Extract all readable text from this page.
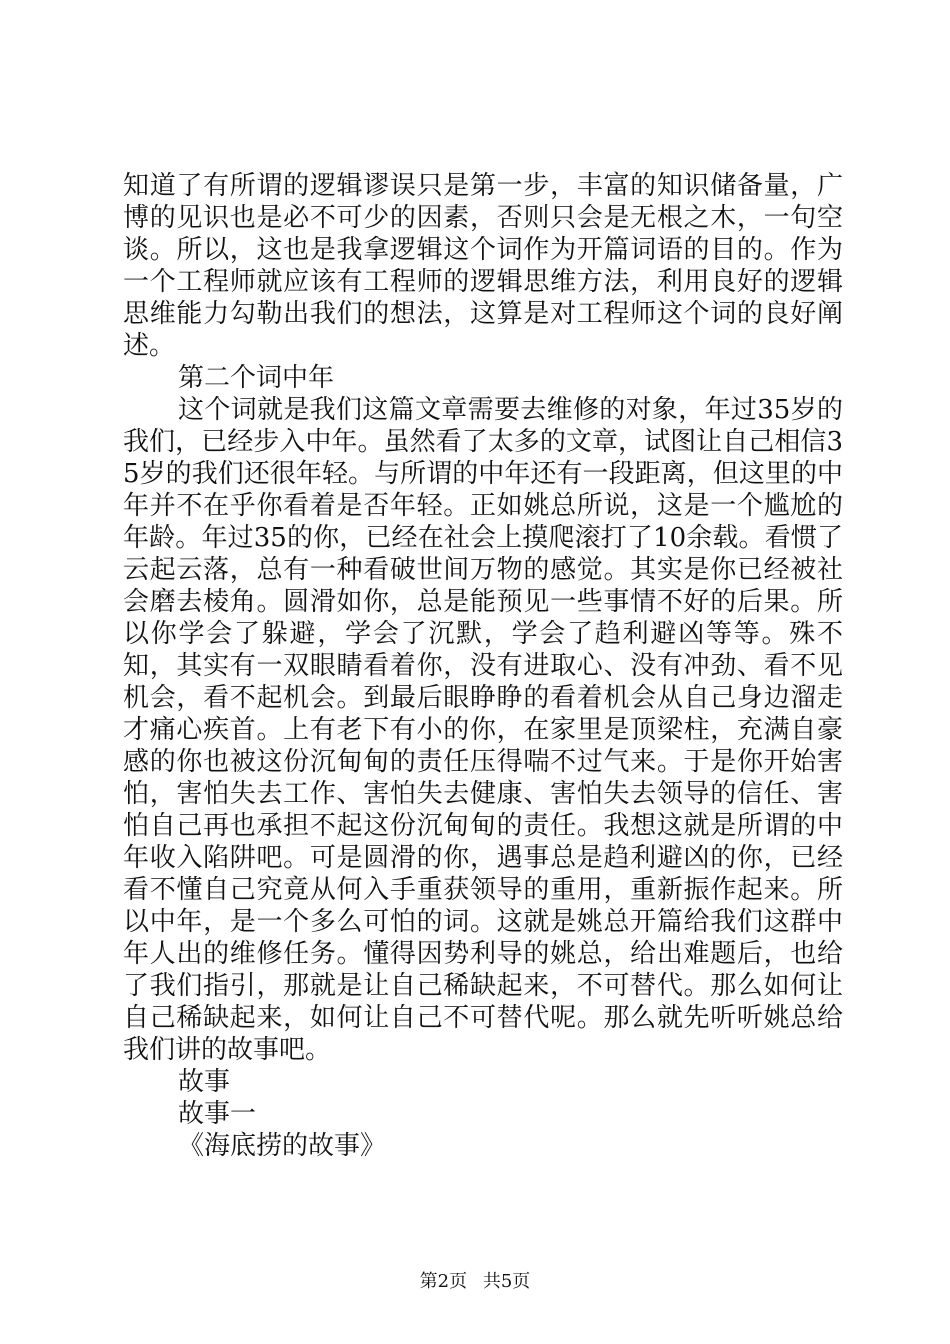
知道了有所谓的逻辑谬误只是第一步，丰富的知识储备量，广博的见识也是必不可少的因素，否则只会是无根之木，一句空谈。所以，这也是我拿逻辑这个词作为开篇词语的目的。作为一个工程师就应该有工程师的逻辑思维方法，利用良好的逻辑思维能力勾勒出我们的想法，这算是对工程师这个词的良好阐述。

第二个词中年

这个词就是我们这篇文章需要去维修的对象，年过35岁的我们，已经步入中年。虽然看了太多的文章，试图让自己相信35岁的我们还很年轻。与所谓的中年还有一段距离，但这里的中年并不在乎你看着是否年轻。正如姚总所说，这是一个尴尬的年龄。年过35的你，已经在社会上摸爬滚打了10余载。看惯了云起云落，总有一种看破世间万物的感觉。其实是你已经被社会磨去棱角。圆滑如你，总是能预见一些事情不好的后果。所以你学会了躲避，学会了沉默，学会了趋利避凶等等。殊不知，其实有一双眼睛看着你，没有进取心、没有冲劲、看不见机会，看不起机会。到最后眼睁睁的看着机会从自己身边溜走才痛心疾首。上有老下有小的你，在家里是顶梁柱，充满自豪感的你也被这份沉甸甸的责任压得喘不过气来。于是你开始害怕，害怕失去工作、害怕失去健康、害怕失去领导的信任、害怕自己再也承担不起这份沉甸甸的责任。我想这就是所谓的中年收入陷阱吧。可是圆滑的你，遇事总是趋利避凶的你，已经看不懂自己究竟从何入手重获领导的重用，重新振作起来。所以中年，是一个多么可怕的词。这就是姚总开篇给我们这群中年人出的维修任务。懂得因势利导的姚总，给出难题后，也给了我们指引，那就是让自己稀缺起来，不可替代。那么如何让自己稀缺起来，如何让自己不可替代呢。那么就先听听姚总给我们讲的故事吧。

故事

故事一

《海底捞的故事》

第2页 共5页
